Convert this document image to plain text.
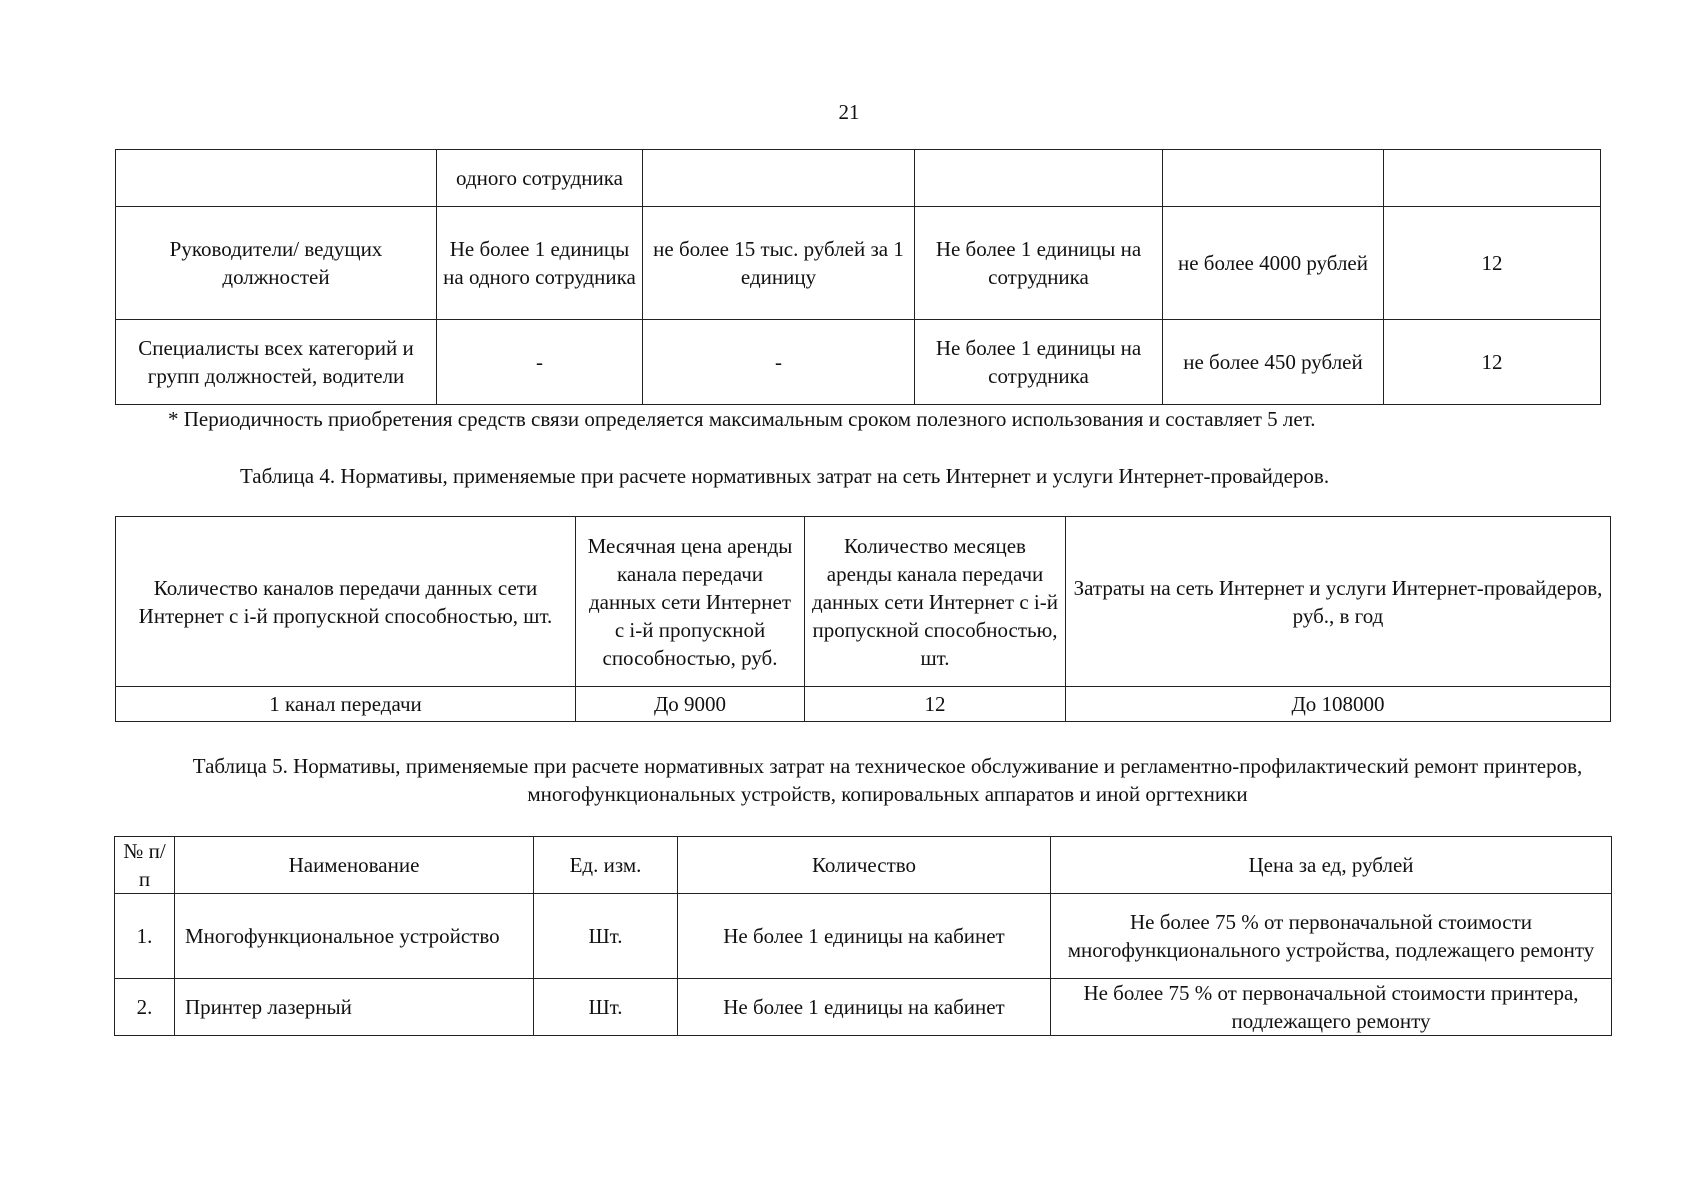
21
	одного сотрудника				
Руководители/ ведущих должностей	Не более 1 единицы на одного сотрудника	не более 15 тыс. рублей за 1 единицу	Не более 1 единицы на сотрудника	не более 4000 рублей	12
Специалисты всех категорий и групп должностей, водители	-	-	Не более 1 единицы на сотрудника	не более 450 рублей	12
* Периодичность приобретения средств связи определяется максимальным сроком полезного использования и составляет 5 лет.
Таблица 4. Нормативы, применяемые при расчете нормативных затрат на сеть Интернет и услуги Интернет-провайдеров.
Количество каналов передачи данных сети Интернет с i-й пропускной способностью, шт.	Месячная цена аренды канала передачи данных сети Интернет с i-й пропускной способностью, руб.	Количество месяцев аренды канала передачи данных сети Интернет с i-й пропускной способностью, шт.	Затраты на сеть Интернет и услуги Интернет-провайдеров, руб., в год
1 канал передачи	До 9000	12	До 108000
Таблица 5. Нормативы, применяемые при расчете нормативных затрат на техническое обслуживание и регламентно-профилактический ремонт принтеров, многофункциональных устройств, копировальных аппаратов и иной оргтехники
№ п/п	Наименование	Ед. изм.	Количество	Цена за ед, рублей
1.	Многофункциональное устройство	Шт.	Не более 1 единицы на кабинет	Не более 75 % от первоначальной стоимости многофункционального устройства, подлежащего ремонту
2.	Принтер лазерный	Шт.	Не более 1 единицы на кабинет	Не более 75 % от первоначальной стоимости принтера, подлежащего ремонту
